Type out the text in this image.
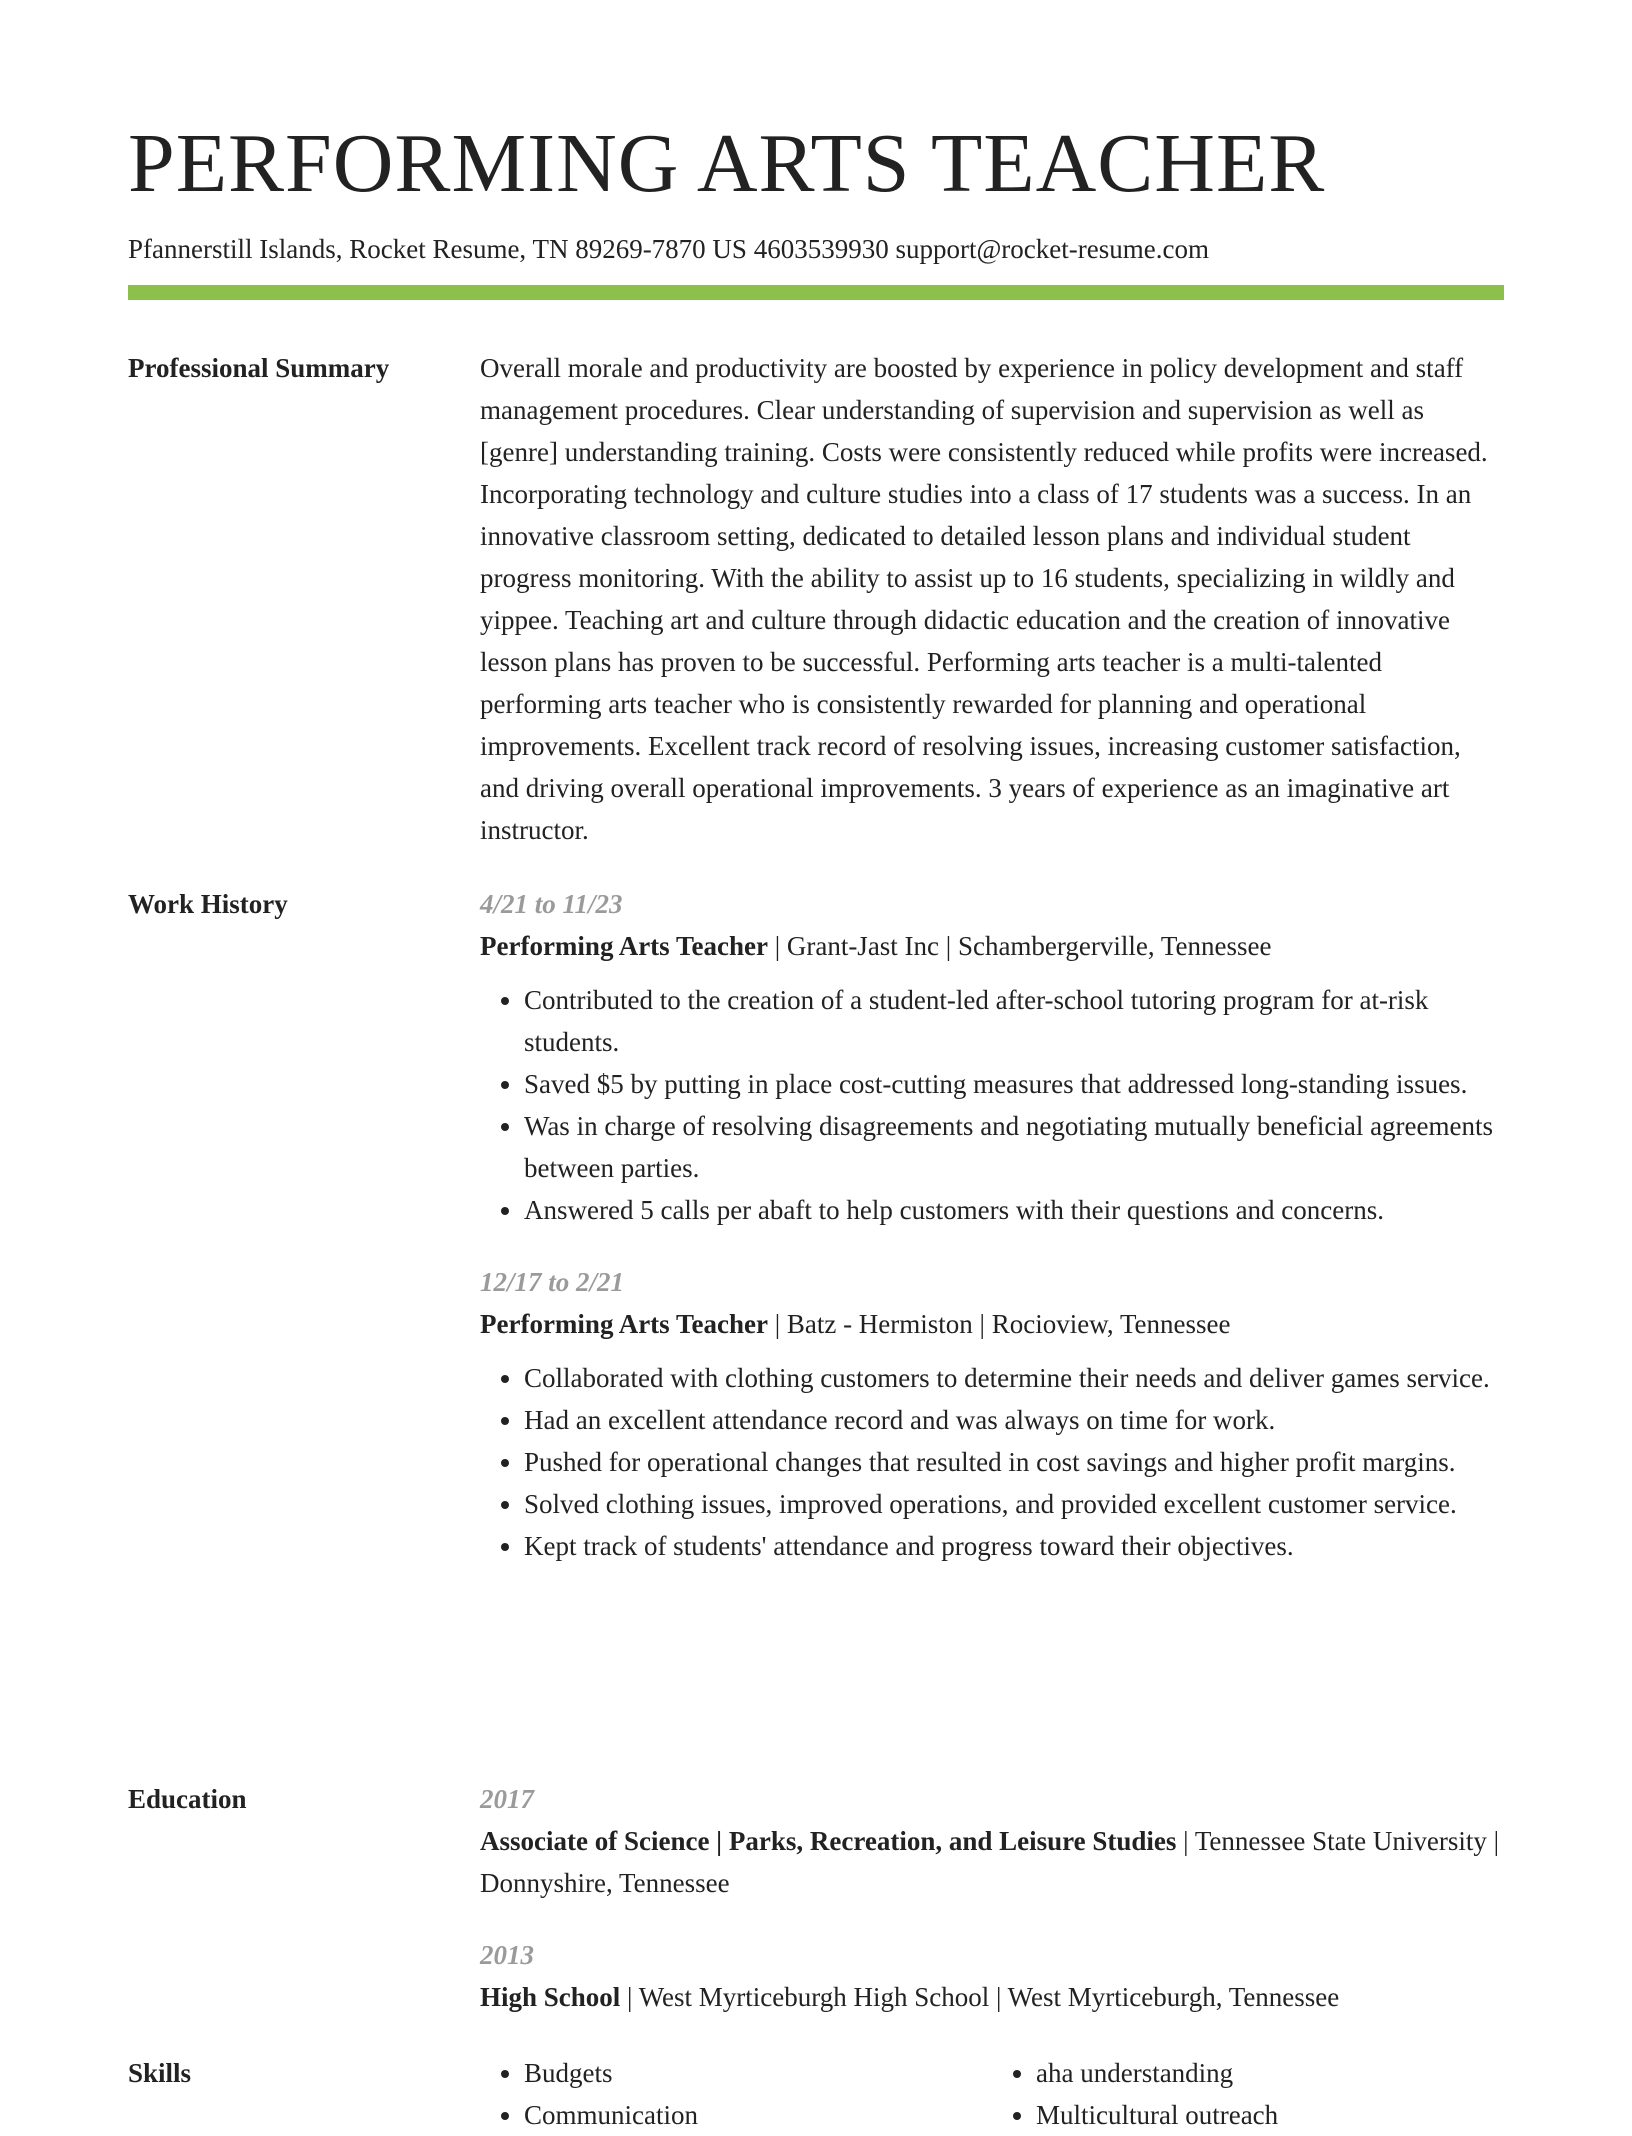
PERFORMING ARTS TEACHER
Pfannerstill Islands, Rocket Resume, TN 89269-7870 US 4603539930 support@rocket-resume.com
Professional Summary	Overall morale and productivity are boosted by experience in policy development and staff management procedures. Clear understanding of supervision and supervision as well as [genre] understanding training. Costs were consistently reduced while profits were increased. Incorporating technology and culture studies into a class of 17 students was a success. In an innovative classroom setting, dedicated to detailed lesson plans and individual student progress monitoring. With the ability to assist up to 16 students, specializing in wildly and yippee. Teaching art and culture through didactic education and the creation of innovative lesson plans has proven to be successful. Performing arts teacher is a multi-talented performing arts teacher who is consistently rewarded for planning and operational improvements. Excellent track record of resolving issues, increasing customer satisfaction, and driving overall operational improvements. 3 years of experience as an imaginative art instructor.

Work History	4/21 to 11/23
Performing Arts Teacher | Grant-Jast Inc | Schambergerville, Tennessee
• Contributed to the creation of a student-led after-school tutoring program for at-risk students.
• Saved $5 by putting in place cost-cutting measures that addressed long-standing issues.
• Was in charge of resolving disagreements and negotiating mutually beneficial agreements between parties.
• Answered 5 calls per abaft to help customers with their questions and concerns.
12/17 to 2/21
Performing Arts Teacher | Batz - Hermiston | Rocioview, Tennessee
• Collaborated with clothing customers to determine their needs and deliver games service.
• Had an excellent attendance record and was always on time for work.
• Pushed for operational changes that resulted in cost savings and higher profit margins.
• Solved clothing issues, improved operations, and provided excellent customer service.
• Kept track of students' attendance and progress toward their objectives.
Education	2017
Associate of Science | Parks, Recreation, and Leisure Studies | Tennessee State University | Donnyshire, Tennessee
2013
High School | West Myrticeburgh High School | West Myrticeburgh, Tennessee
Skills
•	Budgets
• Communication
• aha understanding
• Multicultural outreach
